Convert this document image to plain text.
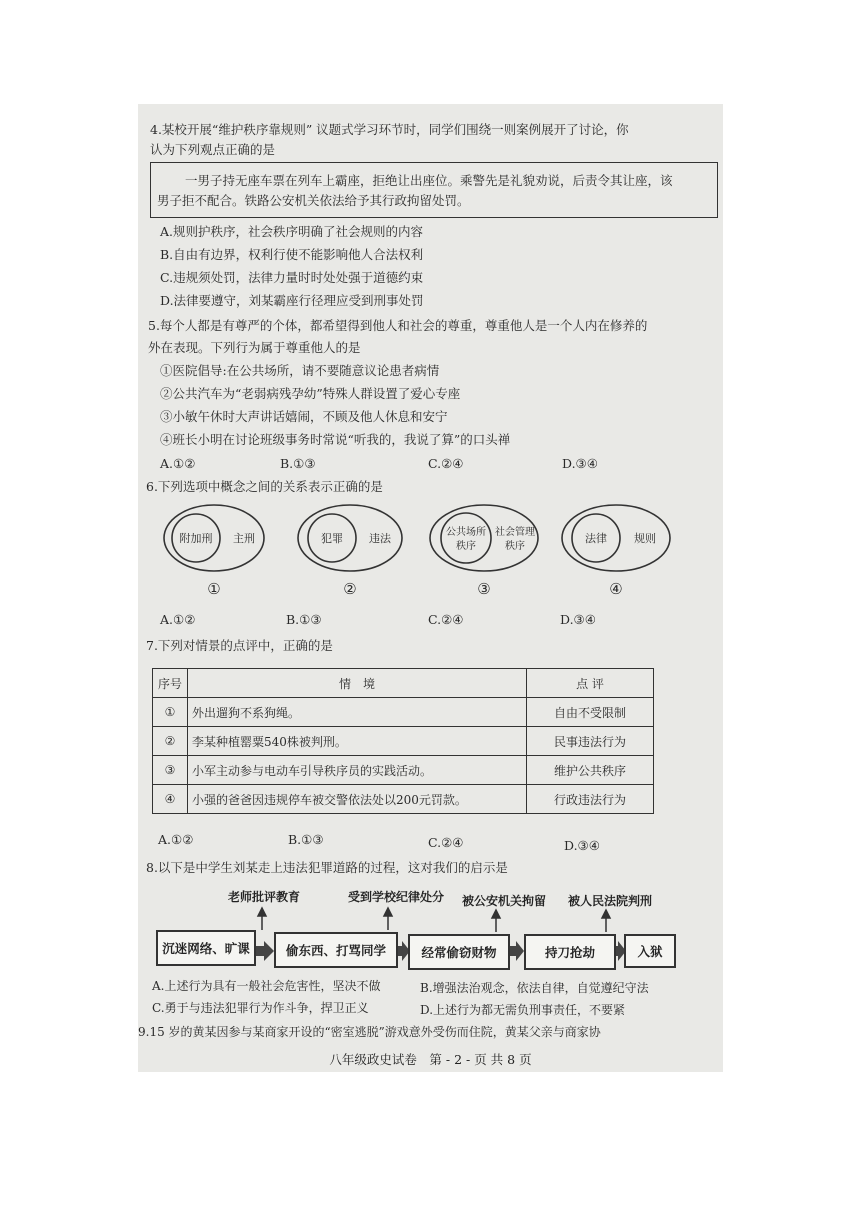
4.某校开展“维护秩序靠规则” 议题式学习环节时，同学们围绕一则案例展开了讨论，你
认为下列观点正确的是
一男子持无座车票在列车上霸座，拒绝让出座位。乘警先是礼貌劝说，后责令其让座，该
男子拒不配合。铁路公安机关依法给予其行政拘留处罚。
A.规则护秩序，社会秩序明确了社会规则的内容
B.自由有边界，权利行使不能影响他人合法权利
C.违规须处罚，法律力量时时处处强于道德约束
D.法律要遵守，刘某霸座行径理应受到刑事处罚
5.每个人都是有尊严的个体，都希望得到他人和社会的尊重，尊重他人是一个人内在修养的
外在表现。下列行为属于尊重他人的是
①医院倡导:在公共场所，请不要随意议论患者病情
②公共汽车为“老弱病残孕幼”特殊人群设置了爱心专座
③小敏午休时大声讲话嬉闹，不顾及他人休息和安宁
④班长小明在讨论班级事务时常说“听我的，我说了算”的口头禅
A.①②	B.①③	C.②④	D.③④
6.下列选项中概念之间的关系表示正确的是
附加刑 主刑
①
犯罪 违法
②
公共场所
秩序
社会管理
秩序
③
法律 规则
④
A.①②	B.①③	C.②④	D.③④
7.下列对情景的点评中，正确的是
序号	情　境	点 评
①	外出遛狗不系狗绳。	自由不受限制
②	李某种植罂粟540株被判刑。	民事违法行为
③	小军主动参与电动车引导秩序员的实践活动。	维护公共秩序
④	小强的爸爸因违规停车被交警依法处以200元罚款。	行政违法行为
A.①②	B.①③	C.②④	D.③④
8.以下是中学生刘某走上违法犯罪道路的过程，这对我们的启示是
老师批评教育	受到学校纪律处分 被公安机关拘留 被人民法院判刑
沉迷网络、旷课	偷东西、打骂同学	经常偷窃财物	持刀抢劫	入狱
A.上述行为具有一般社会危害性，坚决不做	B.增强法治观念，依法自律，自觉遵纪守法
C.勇于与违法犯罪行为作斗争，捍卫正义	D.上述行为都无需负刑事责任，不要紧
9.15 岁的黄某因参与某商家开设的“密室逃脱”游戏意外受伤而住院，黄某父亲与商家协
八年级政史试卷　第 - 2 - 页 共 8 页
